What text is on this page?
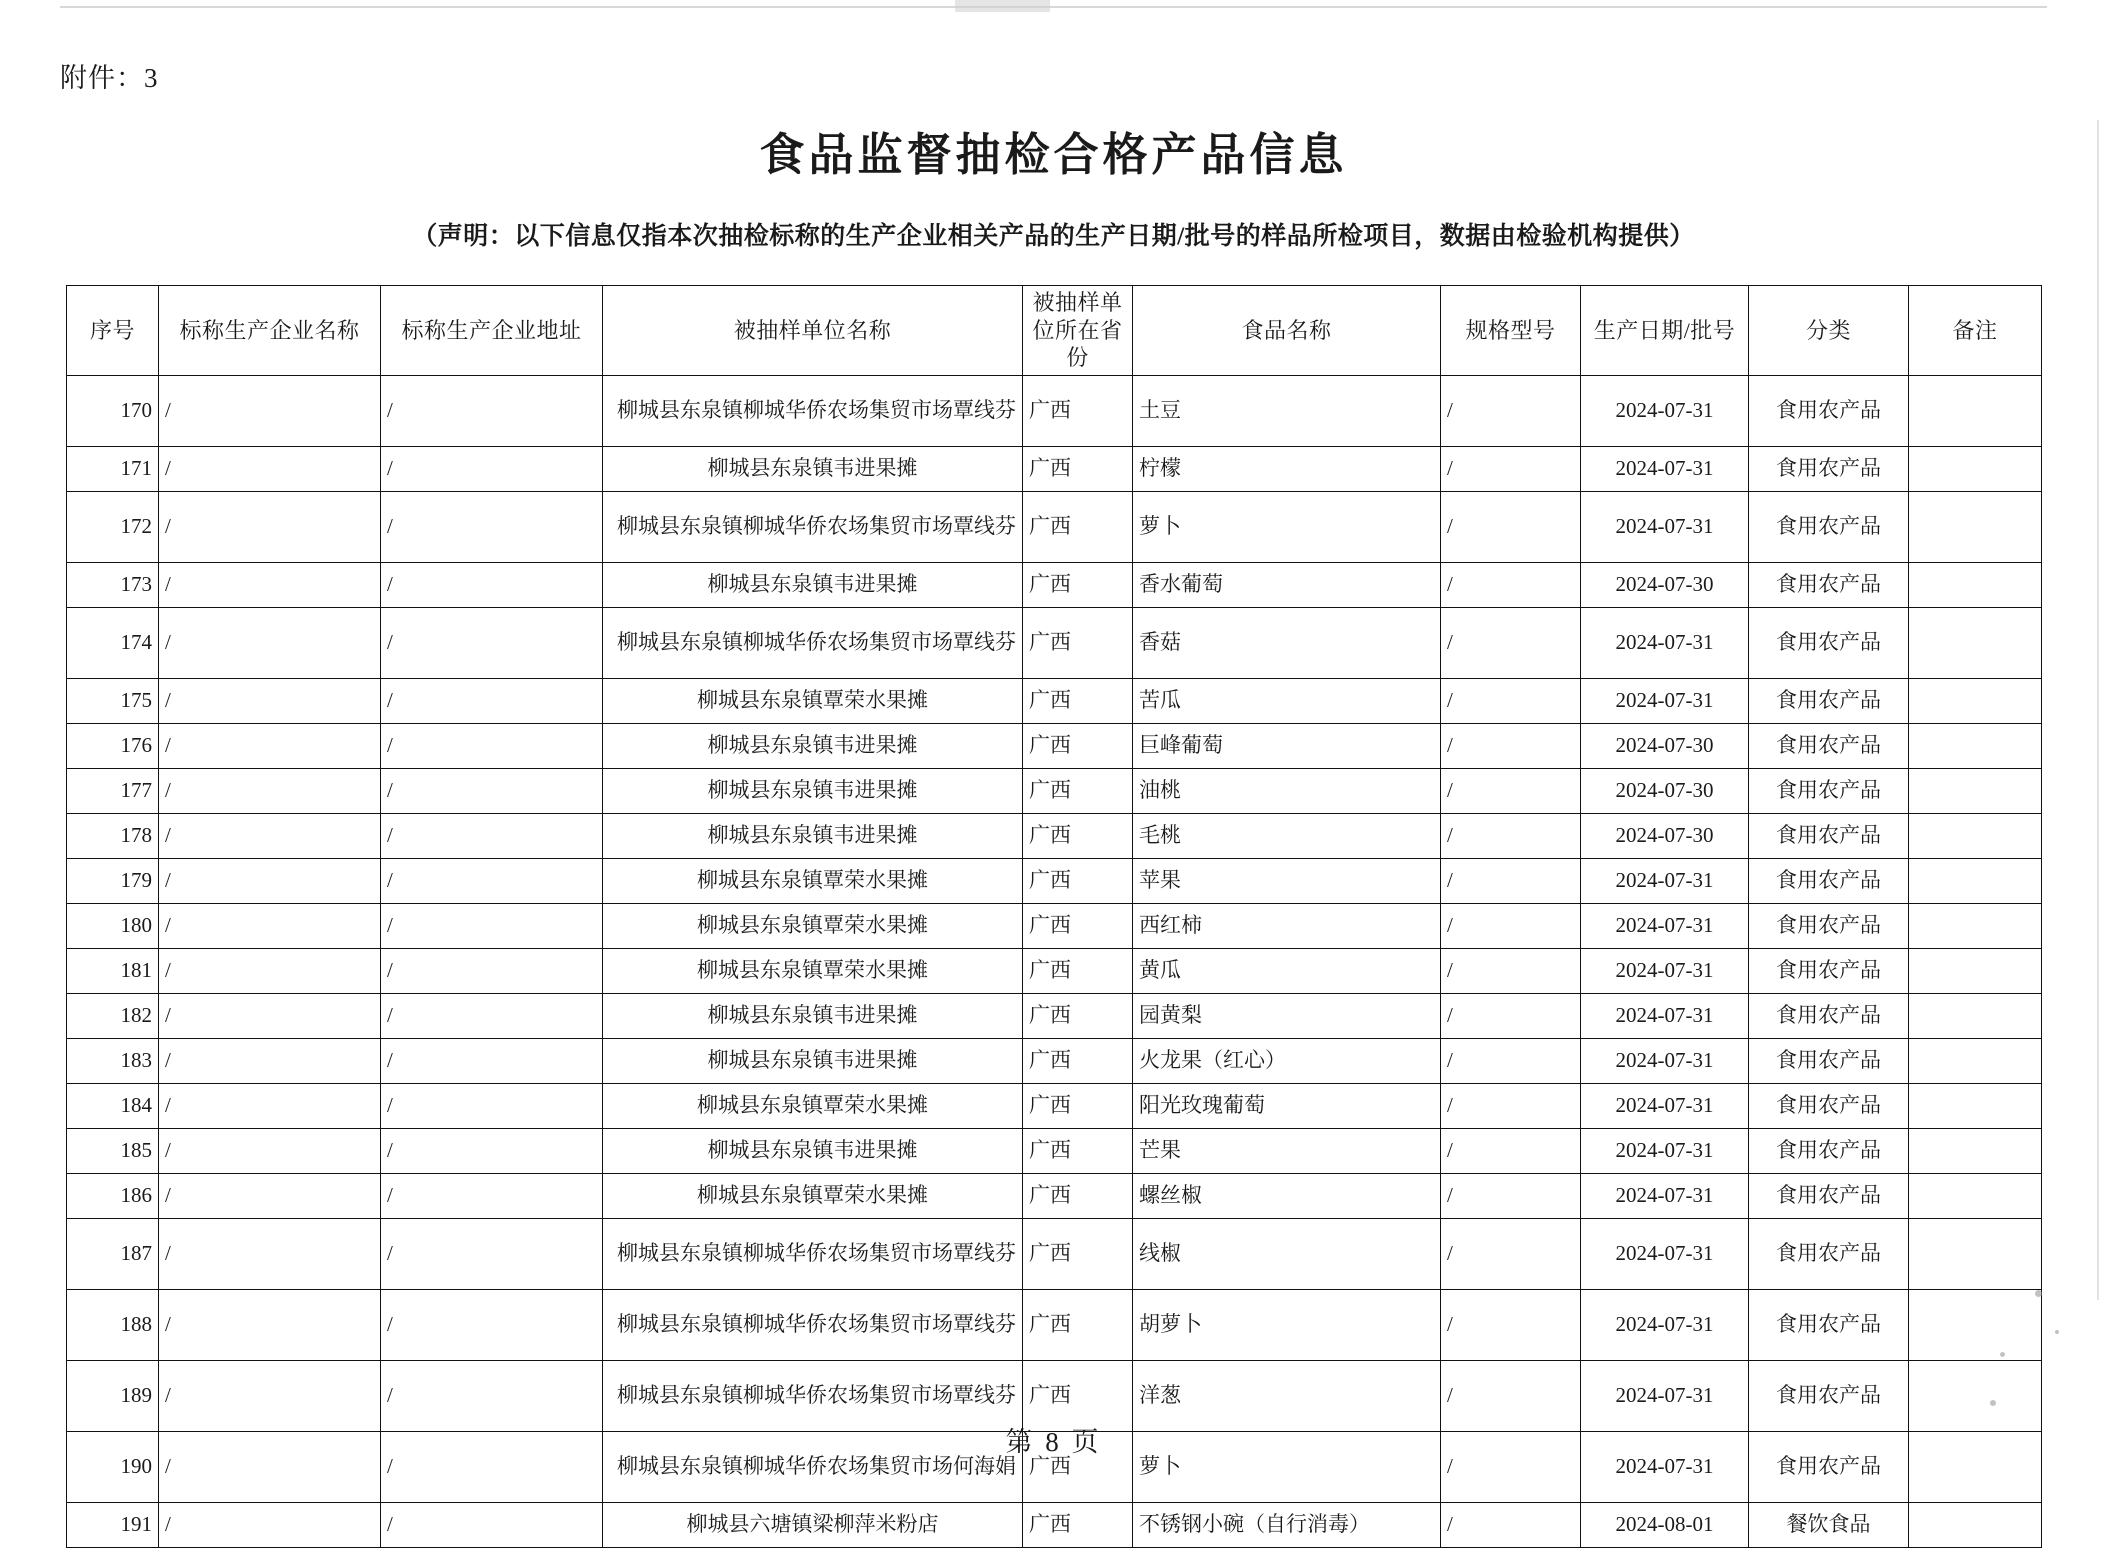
附件：3
食品监督抽检合格产品信息
（声明：以下信息仅指本次抽检标称的生产企业相关产品的生产日期/批号的样品所检项目，数据由检验机构提供）
序号	标称生产企业名称	标称生产企业地址	被抽样单位名称	被抽样单位所在省份	食品名称	规格型号	生产日期/批号	分类	备注
170	/	/	柳城县东泉镇柳城华侨农场集贸市场覃线芬	广西	土豆	/	2024-07-31	食用农产品	
171	/	/	柳城县东泉镇韦进果摊	广西	柠檬	/	2024-07-31	食用农产品	
172	/	/	柳城县东泉镇柳城华侨农场集贸市场覃线芬	广西	萝卜	/	2024-07-31	食用农产品	
173	/	/	柳城县东泉镇韦进果摊	广西	香水葡萄	/	2024-07-30	食用农产品	
174	/	/	柳城县东泉镇柳城华侨农场集贸市场覃线芬	广西	香菇	/	2024-07-31	食用农产品	
175	/	/	柳城县东泉镇覃荣水果摊	广西	苦瓜	/	2024-07-31	食用农产品	
176	/	/	柳城县东泉镇韦进果摊	广西	巨峰葡萄	/	2024-07-30	食用农产品	
177	/	/	柳城县东泉镇韦进果摊	广西	油桃	/	2024-07-30	食用农产品	
178	/	/	柳城县东泉镇韦进果摊	广西	毛桃	/	2024-07-30	食用农产品	
179	/	/	柳城县东泉镇覃荣水果摊	广西	苹果	/	2024-07-31	食用农产品	
180	/	/	柳城县东泉镇覃荣水果摊	广西	西红柿	/	2024-07-31	食用农产品	
181	/	/	柳城县东泉镇覃荣水果摊	广西	黄瓜	/	2024-07-31	食用农产品	
182	/	/	柳城县东泉镇韦进果摊	广西	园黄梨	/	2024-07-31	食用农产品	
183	/	/	柳城县东泉镇韦进果摊	广西	火龙果（红心）	/	2024-07-31	食用农产品	
184	/	/	柳城县东泉镇覃荣水果摊	广西	阳光玫瑰葡萄	/	2024-07-31	食用农产品	
185	/	/	柳城县东泉镇韦进果摊	广西	芒果	/	2024-07-31	食用农产品	
186	/	/	柳城县东泉镇覃荣水果摊	广西	螺丝椒	/	2024-07-31	食用农产品	
187	/	/	柳城县东泉镇柳城华侨农场集贸市场覃线芬	广西	线椒	/	2024-07-31	食用农产品	
188	/	/	柳城县东泉镇柳城华侨农场集贸市场覃线芬	广西	胡萝卜	/	2024-07-31	食用农产品	
189	/	/	柳城县东泉镇柳城华侨农场集贸市场覃线芬	广西	洋葱	/	2024-07-31	食用农产品	
190	/	/	柳城县东泉镇柳城华侨农场集贸市场何海娟	广西	萝卜	/	2024-07-31	食用农产品	
191	/	/	柳城县六塘镇梁柳萍米粉店	广西	不锈钢小碗（自行消毒）	/	2024-08-01	餐饮食品	
第 8 页
